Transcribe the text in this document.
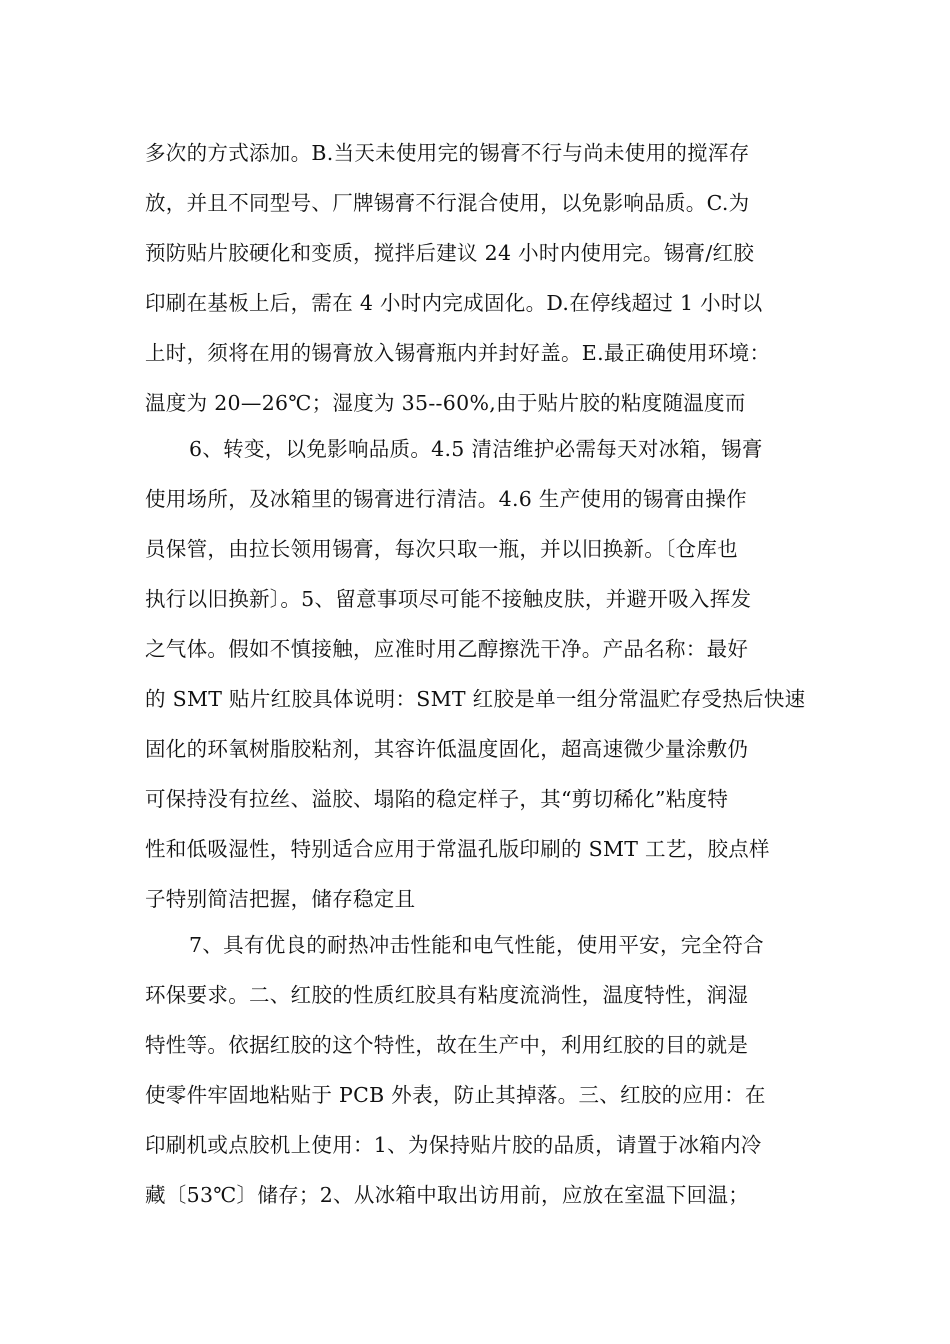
多次的方式添加。B.当天未使用完的锡膏不行与尚未使用的搅浑存
放，并且不同型号、厂牌锡膏不行混合使用，以免影响品质。C.为
预防贴片胶硬化和变质，搅拌后建议 24 小时内使用完。锡膏/红胶
印刷在基板上后，需在 4 小时内完成固化。D.在停线超过 1 小时以
上时，须将在用的锡膏放入锡膏瓶内并封好盖。E.最正确使用环境：
温度为 20—26℃；湿度为 35--60%,由于贴片胶的粘度随温度而
6、转变，以免影响品质。4.5 清洁维护必需每天对冰箱，锡膏
使用场所，及冰箱里的锡膏进行清洁。4.6 生产使用的锡膏由操作
员保管，由拉长领用锡膏，每次只取一瓶，并以旧换新。〔仓库也
执行以旧换新〕。5、留意事项尽可能不接触皮肤，并避开吸入挥发
之气体。假如不慎接触，应准时用乙醇擦洗干净。产品名称：最好
的 SMT 贴片红胶具体说明：SMT 红胶是单一组分常温贮存受热后快速
固化的环氧树脂胶粘剂，其容许低温度固化，超高速微少量涂敷仍
可保持没有拉丝、溢胶、塌陷的稳定样子，其“剪切稀化”粘度特
性和低吸湿性，特别适合应用于常温孔版印刷的 SMT 工艺，胶点样
子特别简洁把握，储存稳定且
7、具有优良的耐热冲击性能和电气性能，使用平安，完全符合
环保要求。二、红胶的性质红胶具有粘度流淌性，温度特性，润湿
特性等。依据红胶的这个特性，故在生产中，利用红胶的目的就是
使零件牢固地粘贴于 PCB 外表，防止其掉落。三、红胶的应用：在
印刷机或点胶机上使用：1、为保持贴片胶的品质，请置于冰箱内冷
藏〔53℃〕储存；2、从冰箱中取出访用前，应放在室温下回温；
